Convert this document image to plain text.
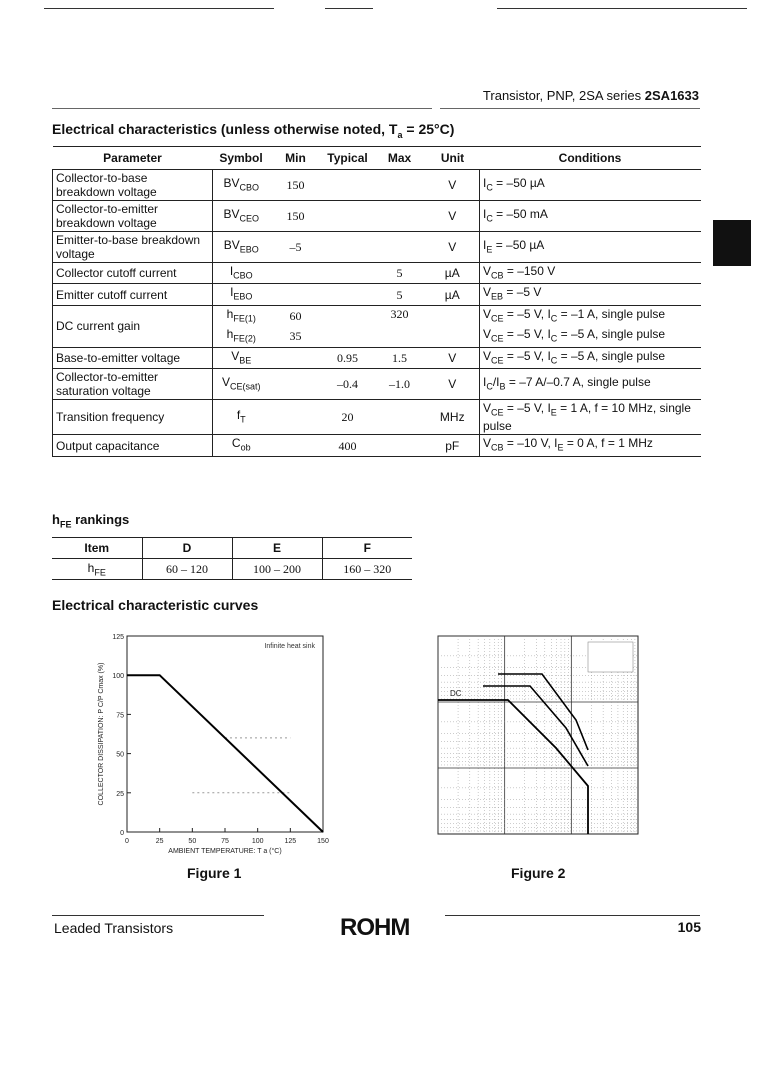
Transistor, PNP, 2SA series 2SA1633
Electrical characteristics (unless otherwise noted, $T_a = 25^\circ C$)
Parameter	Symbol	Min	Typical	Max	Unit	Conditions
Collector-to-base breakdown voltage	$BV_{CBO}$	150			V	$I_C = -50$ µA
Collector-to-emitter breakdown voltage	$BV_{CEO}$	150			V	$I_C = -50$ mA
Emitter-to-base breakdown voltage	$BV_{EBO}$	–5			V	$I_E = -50$ µA
Collector cutoff current	$I_{CBO}$			5	µA	$V_{CB} = -150$ V
Emitter cutoff current	$I_{EBO}$			5	µA	$V_{EB} = -5$ V
DC current gain	$h_{FE(1)}$	60		320		$V_{CE} = -5$ V, $I_C = -1$ A, single pulse
	$h_{FE(2)}$	35				$V_{CE} = -5$ V, $I_C = -5$ A, single pulse
Base-to-emitter voltage	$V_{BE}$		0.95	1.5	V	$V_{CE} = -5$ V, $I_C = -5$ A, single pulse
Collector-to-emitter saturation voltage	$V_{CE(sat)}$		–0.4	–1.0	V	$I_C/I_B = -7$ A/–0.7 A, single pulse
Transition frequency	$f_T$		20		MHz	$V_{CE} = -5$ V, $I_E = 1$ A, f = 10 MHz, single pulse
Output capacitance	$C_{ob}$		400		pF	$V_{CB} = -10$ V, $I_E = 0$ A, f = 1 MHz
$h_{FE}$ rankings
Item	D	E	F
$h_{FE}$	60 – 120	100 – 200	160 – 320
Electrical characteristic curves
0	25	50	75	100	125	150
0
25
50
75
100
125
Infinite heat sink
AMBIENT TEMPERATURE: T a (°C)
COLLECTOR DISSIPATION: P C/P Cmax (%)	DC
Figure 1	Figure 2
Leaded Transistors	ROHM	105
